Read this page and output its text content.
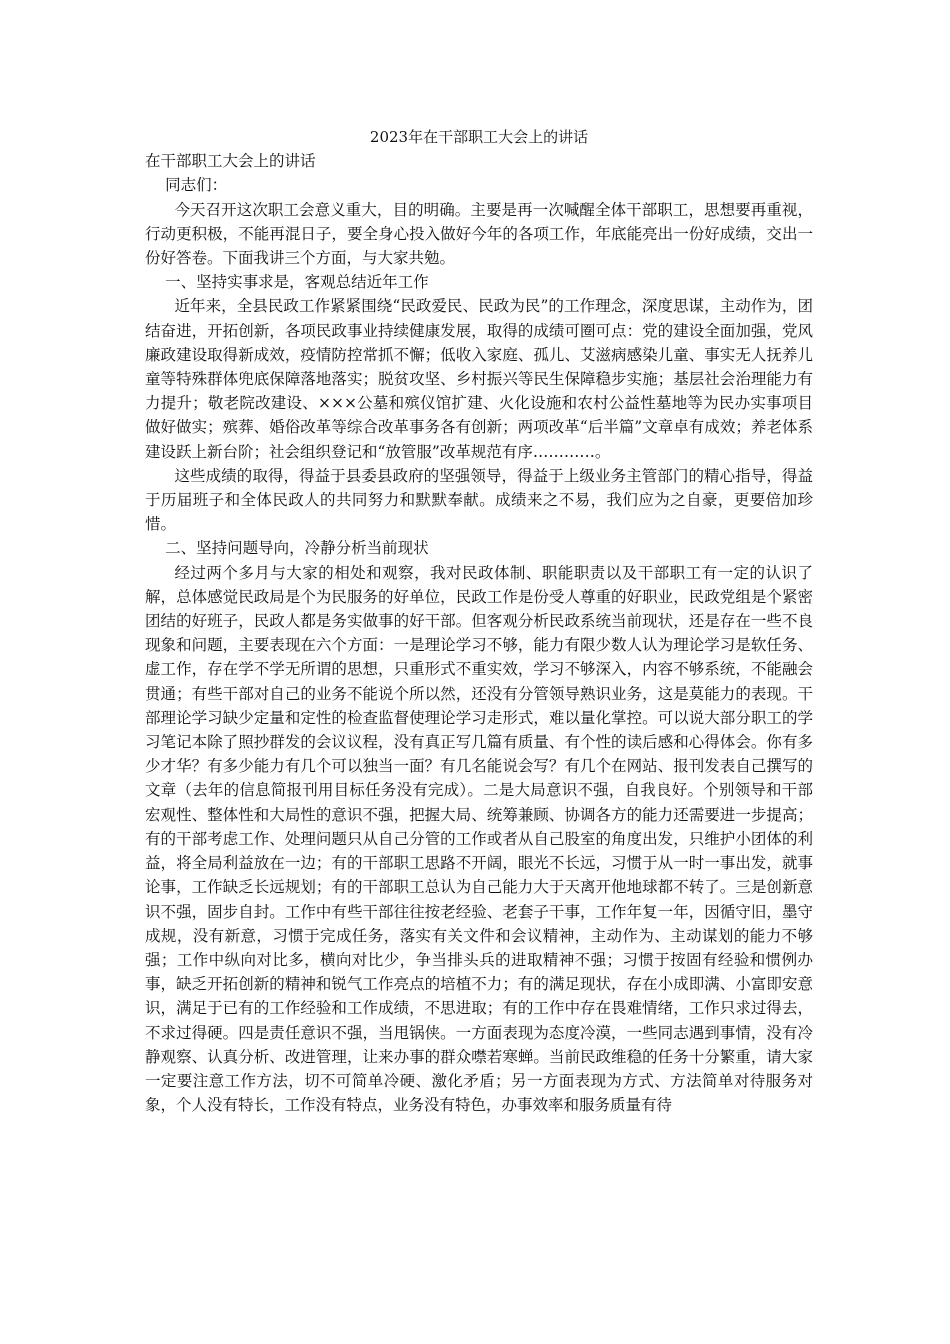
2023年在干部职工大会上的讲话

在干部职工大会上的讲话

同志们：

今天召开这次职工会意义重大，目的明确。主要是再一次喊醒全体干部职工，思想要再重视，行动更积极，不能再混日子，要全身心投入做好今年的各项工作，年底能亮出一份好成绩，交出一份好答卷。下面我讲三个方面，与大家共勉。

一、坚持实事求是，客观总结近年工作

近年来，全县民政工作紧紧围绕“民政爱民、民政为民”的工作理念，深度思谋，主动作为，团结奋进，开拓创新，各项民政事业持续健康发展，取得的成绩可圈可点：党的建设全面加强，党风廉政建设取得新成效，疫情防控常抓不懈；低收入家庭、孤儿、艾滋病感染儿童、事实无人抚养儿童等特殊群体兜底保障落地落实；脱贫攻坚、乡村振兴等民生保障稳步实施；基层社会治理能力有力提升；敬老院改建设、×××公墓和殡仪馆扩建、火化设施和农村公益性墓地等为民办实事项目做好做实；殡葬、婚俗改革等综合改革事务各有创新；两项改革“后半篇”文章卓有成效；养老体系建设跃上新台阶；社会组织登记和“放管服”改革规范有序…………。

这些成绩的取得，得益于县委县政府的坚强领导，得益于上级业务主管部门的精心指导，得益于历届班子和全体民政人的共同努力和默默奉献。成绩来之不易，我们应为之自豪，更要倍加珍惜。

二、坚持问题导向，冷静分析当前现状

经过两个多月与大家的相处和观察，我对民政体制、职能职责以及干部职工有一定的认识了解，总体感觉民政局是个为民服务的好单位，民政工作是份受人尊重的好职业，民政党组是个紧密团结的好班子，民政人都是务实做事的好干部。但客观分析民政系统当前现状，还是存在一些不良现象和问题，主要表现在六个方面：一是理论学习不够，能力有限少数人认为理论学习是软任务、虚工作，存在学不学无所谓的思想，只重形式不重实效，学习不够深入，内容不够系统，不能融会贯通；有些干部对自己的业务不能说个所以然，还没有分管领导熟识业务，这是莫能力的表现。干部理论学习缺少定量和定性的检查监督使理论学习走形式，难以量化掌控。可以说大部分职工的学习笔记本除了照抄群发的会议议程，没有真正写几篇有质量、有个性的读后感和心得体会。你有多少才华？有多少能力有几个可以独当一面？有几名能说会写？有几个在网站、报刊发表自己撰写的文章（去年的信息简报刊用目标任务没有完成）。二是大局意识不强，自我良好。个别领导和干部宏观性、整体性和大局性的意识不强，把握大局、统筹兼顾、协调各方的能力还需要进一步提高；有的干部考虑工作、处理问题只从自己分管的工作或者从自己股室的角度出发，只维护小团体的利益，将全局利益放在一边；有的干部职工思路不开阔，眼光不长远，习惯于从一时一事出发，就事论事，工作缺乏长远规划；有的干部职工总认为自己能力大于天离开他地球都不转了。三是创新意识不强，固步自封。工作中有些干部往往按老经验、老套子干事，工作年复一年，因循守旧，墨守成规，没有新意，习惯于完成任务，落实有关文件和会议精神，主动作为、主动谋划的能力不够强；工作中纵向对比多，横向对比少，争当排头兵的进取精神不强；习惯于按固有经验和惯例办事，缺乏开拓创新的精神和锐气工作亮点的培植不力；有的满足现状，存在小成即满、小富即安意识，满足于已有的工作经验和工作成绩，不思进取；有的工作中存在畏难情绪，工作只求过得去，不求过得硬。四是责任意识不强，当甩锅侠。一方面表现为态度冷漠，一些同志遇到事情，没有冷静观察、认真分析、改进管理，让来办事的群众噤若寒蝉。当前民政维稳的任务十分繁重，请大家一定要注意工作方法，切不可简单冷硬、激化矛盾；另一方面表现为方式、方法简单对待服务对象，个人没有特长，工作没有特点，业务没有特色，办事效率和服务质量有待
